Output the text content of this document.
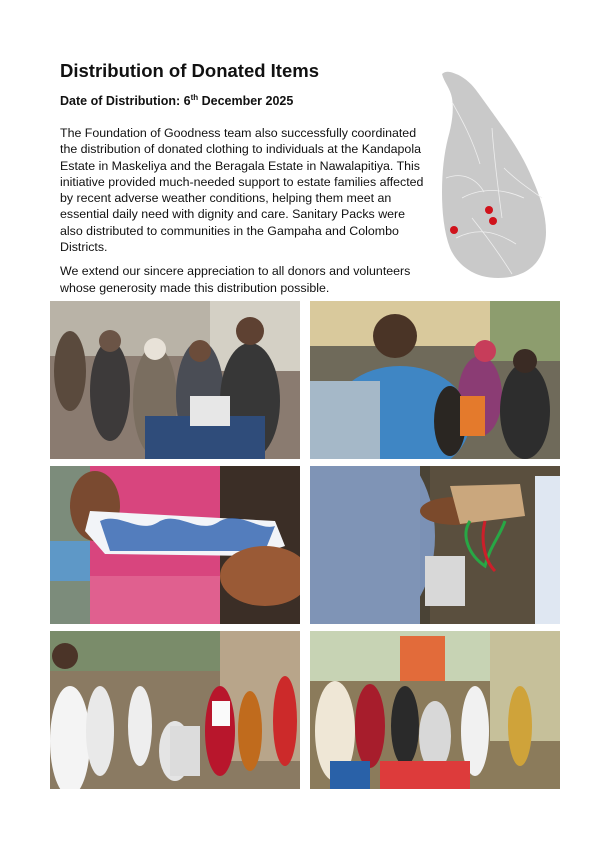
Distribution of Donated Items
Date of Distribution: 6th December 2025

The Foundation of Goodness team also successfully coordinated the distribution of donated clothing to individuals at the Kandapola Estate in Maskeliya and the Beragala Estate in Nawalapitiya. This initiative provided much-needed support to estate families affected by recent adverse weather conditions, helping them meet an essential daily need with dignity and care. Sanitary Packs were also distributed to communities in the Gampaha and Colombo Districts.

We extend our sincere appreciation to all donors and volunteers whose generosity made this distribution possible.
